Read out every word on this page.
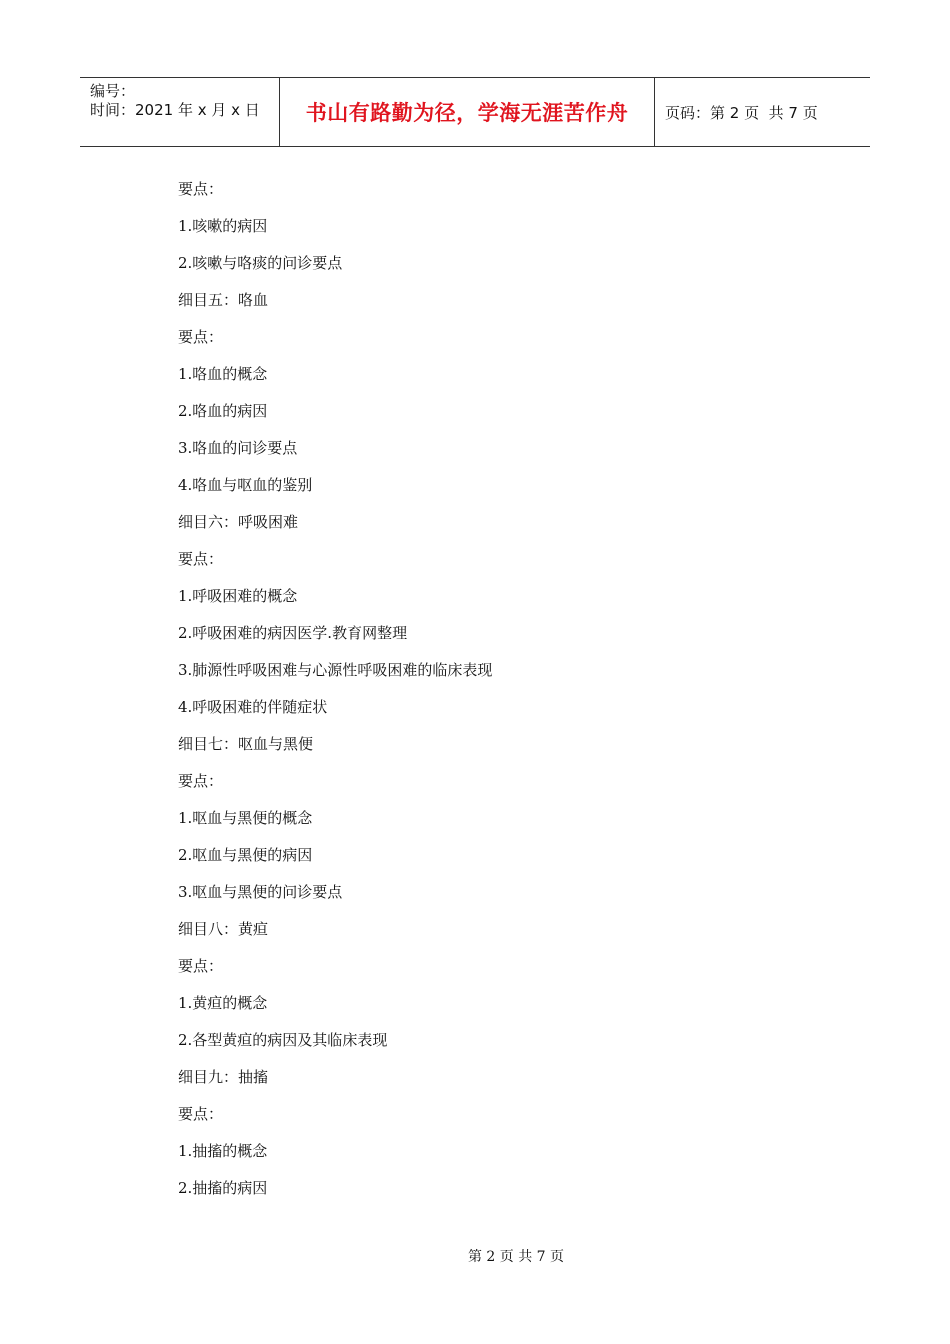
编号：
时间：2021 年 x 月 x 日	书山有路勤为径，学海无涯苦作舟	页码：第 2 页  共 7 页
要点：
1.咳嗽的病因
2.咳嗽与咯痰的问诊要点
细目五：咯血
要点：
1.咯血的概念
2.咯血的病因
3.咯血的问诊要点
4.咯血与呕血的鉴别
细目六：呼吸困难
要点：
1.呼吸困难的概念
2.呼吸困难的病因医学.教育网整理
3.肺源性呼吸困难与心源性呼吸困难的临床表现
4.呼吸困难的伴随症状
细目七：呕血与黑便
要点：
1.呕血与黑便的概念
2.呕血与黑便的病因
3.呕血与黑便的问诊要点
细目八：黄疸
要点：
1.黄疸的概念
2.各型黄疸的病因及其临床表现
细目九：抽搐
要点：
1.抽搐的概念
2.抽搐的病因
第 2 页 共 7 页
